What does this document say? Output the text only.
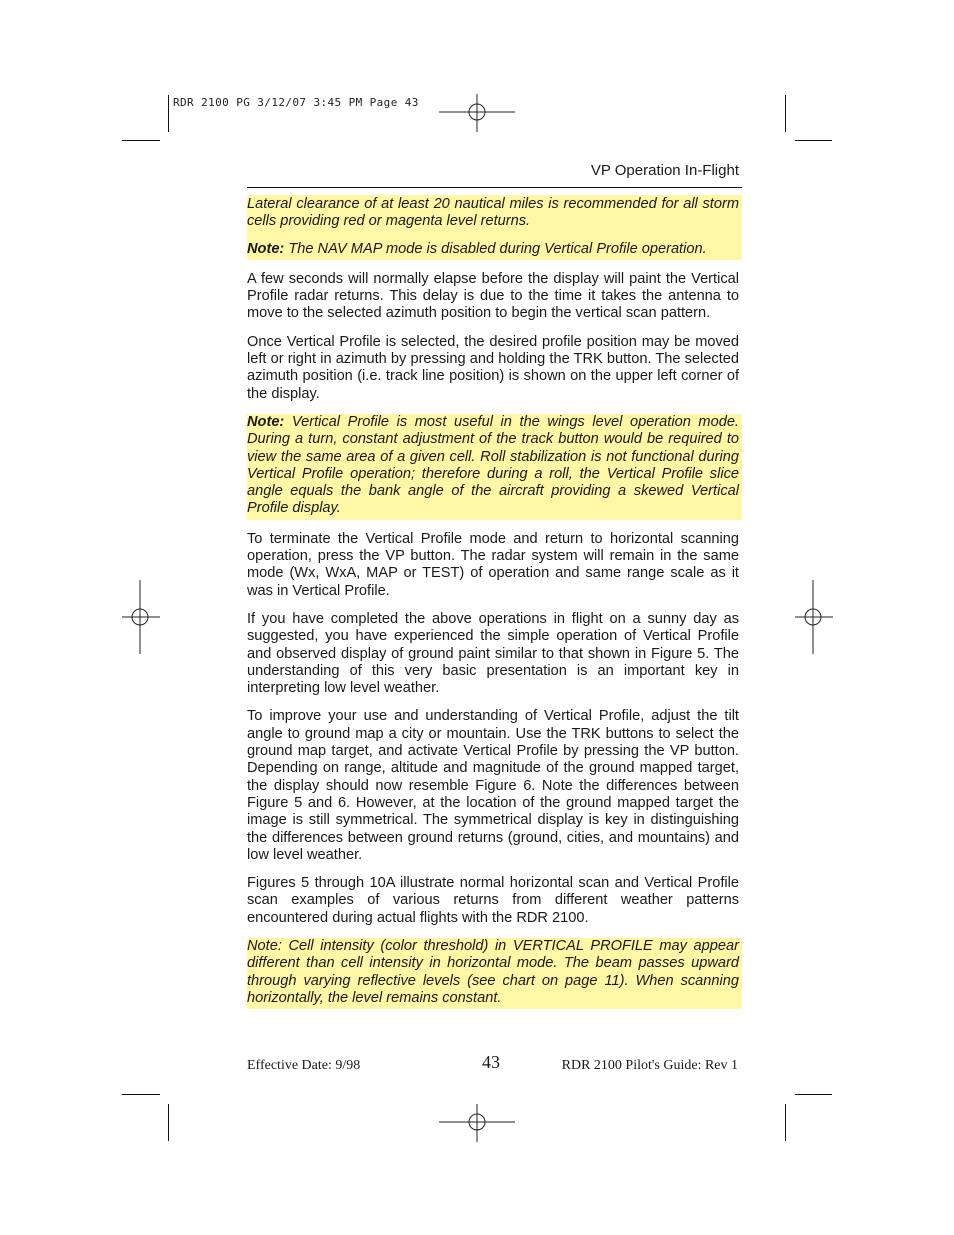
RDR 2100 PG 3/12/07 3:45 PM Page 43
VP Operation In-Flight

Lateral clearance of at least 20 nautical miles is recommended for all storm cells providing red or magenta level returns.

Note: The NAV MAP mode is disabled during Vertical Profile operation.

A few seconds will normally elapse before the display will paint the Vertical Profile radar returns. This delay is due to the time it takes the antenna to move to the selected azimuth position to begin the vertical scan pattern.

Once Vertical Profile is selected, the desired profile position may be moved left or right in azimuth by pressing and holding the TRK button. The selected azimuth position (i.e. track line position) is shown on the upper left corner of the display.

Note: Vertical Profile is most useful in the wings level operation mode. During a turn, constant adjustment of the track button would be required to view the same area of a given cell. Roll stabilization is not functional during Vertical Profile operation; therefore during a roll, the Vertical Profile slice angle equals the bank angle of the aircraft providing a skewed Vertical Profile display.

To terminate the Vertical Profile mode and return to horizontal scanning operation, press the VP button. The radar system will remain in the same mode (Wx, WxA, MAP or TEST) of operation and same range scale as it was in Vertical Profile.

If you have completed the above operations in flight on a sunny day as suggested, you have experienced the simple operation of Vertical Profile and observed display of ground paint similar to that shown in Figure 5. The understanding of this very basic presentation is an important key in interpreting low level weather.

To improve your use and understanding of Vertical Profile, adjust the tilt angle to ground map a city or mountain. Use the TRK buttons to select the ground map target, and activate Vertical Profile by pressing the VP button. Depending on range, altitude and magnitude of the ground mapped target, the display should now resemble Figure 6. Note the differences between Figure 5 and 6. However, at the location of the ground mapped target the image is still symmetrical. The symmetrical display is key in distinguishing the differences between ground returns (ground, cities, and mountains) and low level weather.

Figures 5 through 10A illustrate normal horizontal scan and Vertical Profile scan examples of various returns from different weather patterns encountered during actual flights with the RDR 2100.

Note: Cell intensity (color threshold) in VERTICAL PROFILE may appear different than cell intensity in horizontal mode. The beam passes upward through varying reflective levels (see chart on page 11). When scanning horizontally, the level remains constant.

Effective Date: 9/98	43	RDR 2100 Pilot's Guide: Rev 1
